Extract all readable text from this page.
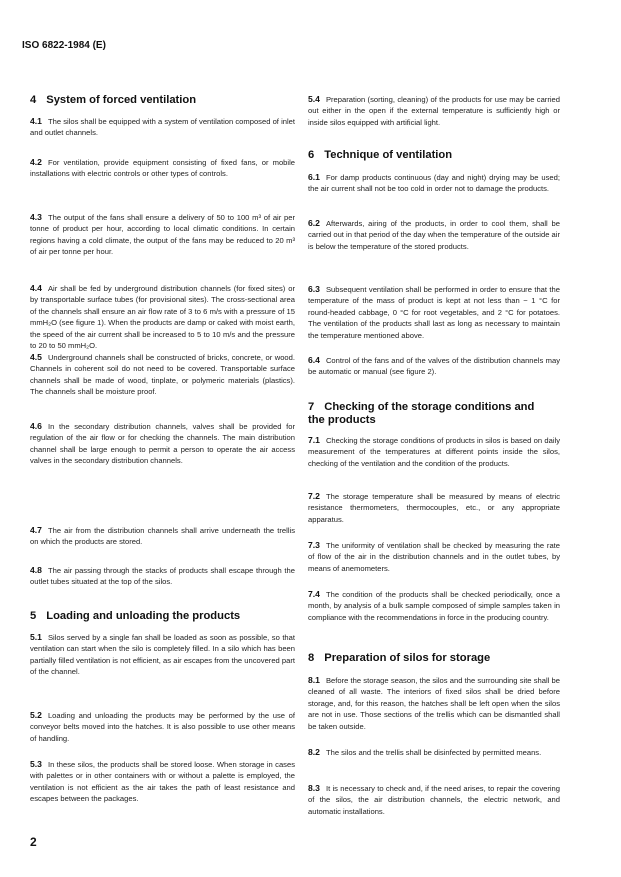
ISO 6822-1984 (E)
4 System of forced ventilation
4.1 The silos shall be equipped with a system of ventilation composed of inlet and outlet channels.
4.2 For ventilation, provide equipment consisting of fixed fans, or mobile installations with electric controls or other types of controls.
4.3 The output of the fans shall ensure a delivery of 50 to 100 m³ of air per tonne of product per hour, according to local climatic conditions. In certain regions having a cold climate, the output of the fans may be reduced to 20 m³ of air per tonne per hour.
4.4 Air shall be fed by underground distribution channels (for fixed sites) or by transportable surface tubes (for provisional sites). The cross-sectional area of the channels shall ensure an air flow rate of 3 to 6 m/s with a pressure of 15 mmH₂O (see figure 1). When the products are damp or caked with moist earth, the speed of the air current shall be increased to 5 to 10 m/s and the pressure to 20 to 50 mmH₂O.
4.5 Underground channels shall be constructed of bricks, concrete, or wood. Channels in coherent soil do not need to be covered. Transportable surface channels shall be made of wood, tinplate, or polymeric materials (plastics). The channels shall be moisture proof.
4.6 In the secondary distribution channels, valves shall be provided for regulation of the air flow or for checking the channels. The main distribution channel shall be large enough to permit a person to operate the air access valves in the secondary distribution channels.
4.7 The air from the distribution channels shall arrive underneath the trellis on which the products are stored.
4.8 The air passing through the stacks of products shall escape through the outlet tubes situated at the top of the silos.
5 Loading and unloading the products
5.1 Silos served by a single fan shall be loaded as soon as possible, so that ventilation can start when the silo is completely filled. In a silo which has been partially filled ventilation is not efficient, as air escapes from the uncovered part of the channel.
5.2 Loading and unloading the products may be performed by the use of conveyor belts moved into the hatches. It is also possible to use other means of handling.
5.3 In these silos, the products shall be stored loose. When storage in cases with palettes or in other containers with or without a palette is employed, the ventilation is not efficient as the air takes the path of least resistance and escapes between the packages.
5.4 Preparation (sorting, cleaning) of the products for use may be carried out either in the open if the external temperature is sufficiently high or inside silos equipped with artificial light.
6 Technique of ventilation
6.1 For damp products continuous (day and night) drying may be used; the air current shall not be too cold in order not to damage the products.
6.2 Afterwards, airing of the products, in order to cool them, shall be carried out in that period of the day when the temperature of the outside air is below the temperature of the stored products.
6.3 Subsequent ventilation shall be performed in order to ensure that the temperature of the mass of product is kept at not less than − 1 °C for round-headed cabbage, 0 °C for root vegetables, and 2 °C for potatoes. The ventilation of the products shall last as long as necessary to maintain the temperature mentioned above.
6.4 Control of the fans and of the valves of the distribution channels may be automatic or manual (see figure 2).
7 Checking of the storage conditions and the products
7.1 Checking the storage conditions of products in silos is based on daily measurement of the temperatures at different points inside the silos, checking of the ventilation and the condition of the products.
7.2 The storage temperature shall be measured by means of electric resistance thermometers, thermocouples, etc., or any appropriate apparatus.
7.3 The uniformity of ventilation shall be checked by measuring the rate of flow of the air in the distribution channels and in the outlet tubes, by means of anemometers.
7.4 The condition of the products shall be checked periodically, once a month, by analysis of a bulk sample composed of simple samples taken in compliance with the recommendations in force in the producing country.
8 Preparation of silos for storage
8.1 Before the storage season, the silos and the surrounding site shall be cleaned of all waste. The interiors of fixed silos shall be dried before storage, and, for this reason, the hatches shall be left open when the silos are not in use. Those sections of the trellis which can be dismantled shall be taken outside.
8.2 The silos and the trellis shall be disinfected by permitted means.
8.3 It is necessary to check and, if the need arises, to repair the covering of the silos, the air distribution channels, the electric network, and automatic installations.
2
